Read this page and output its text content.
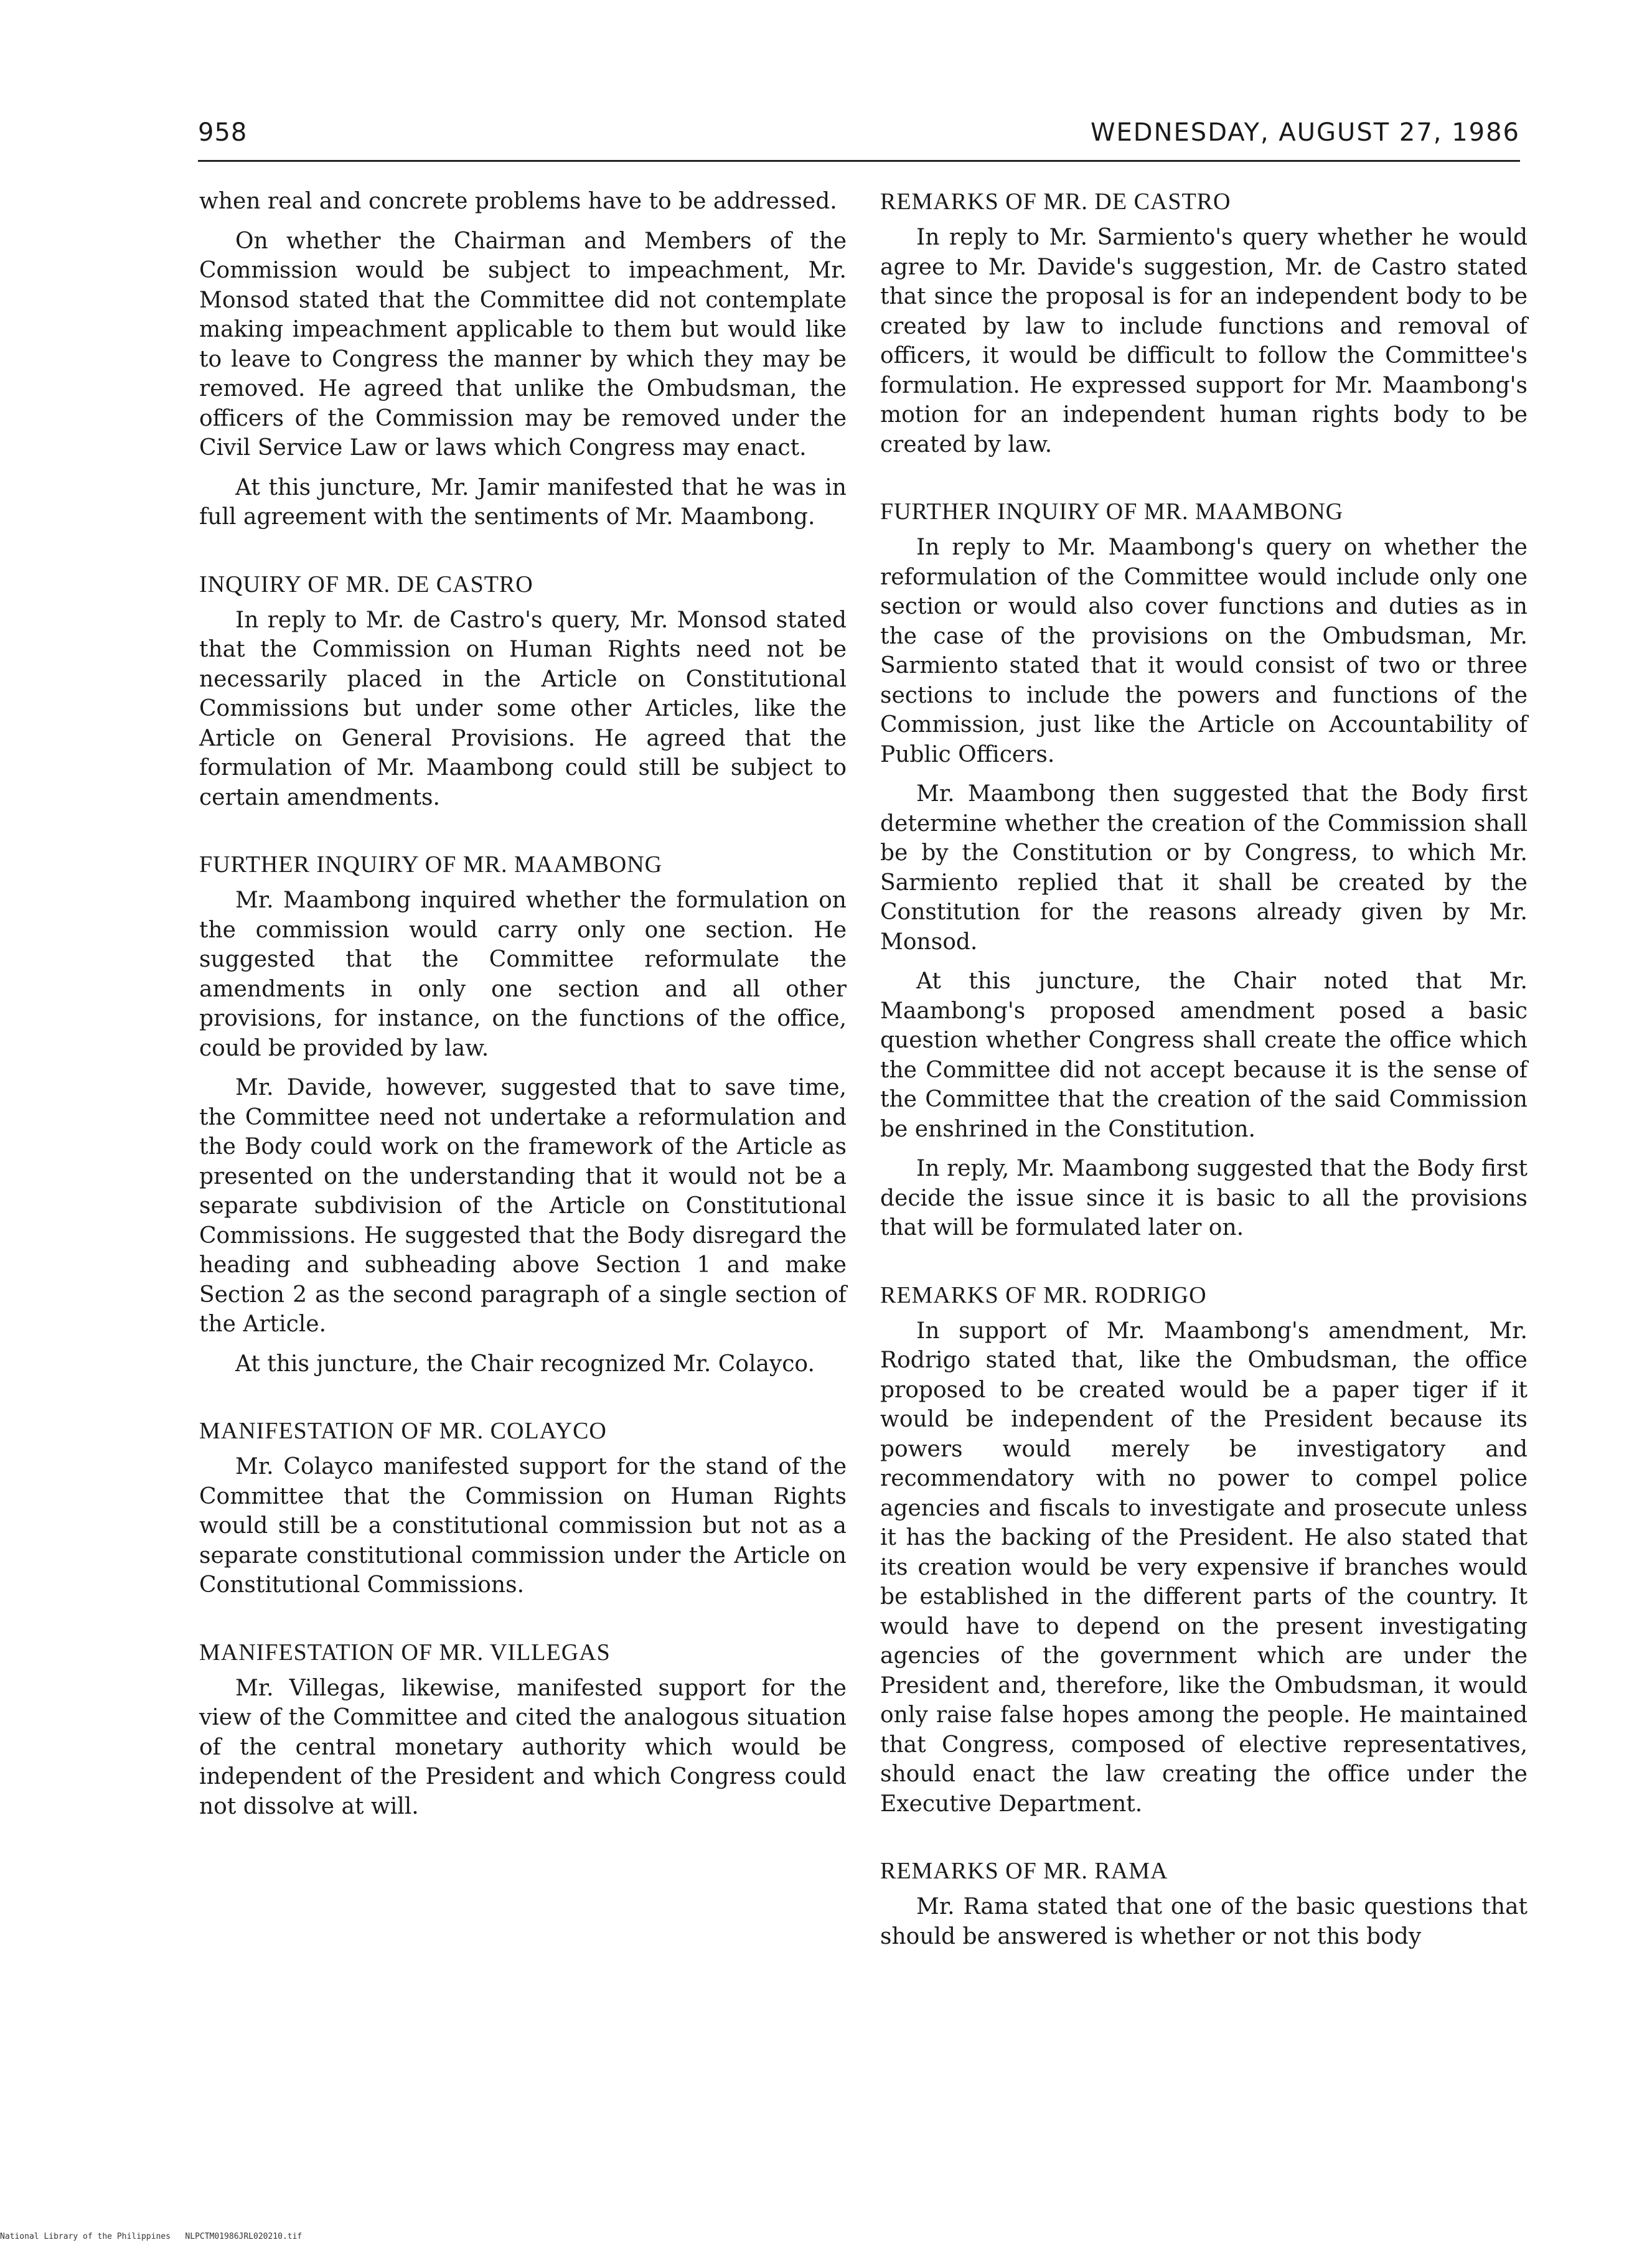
958	WEDNESDAY, AUGUST 27, 1986

when real and concrete problems have to be addressed.

On whether the Chairman and Members of the Commission would be subject to impeachment, Mr. Monsod stated that the Committee did not contemplate making impeachment applicable to them but would like to leave to Congress the manner by which they may be removed. He agreed that unlike the Ombudsman, the officers of the Commission may be removed under the Civil Service Law or laws which Congress may enact.

At this juncture, Mr. Jamir manifested that he was in full agreement with the sentiments of Mr. Maambong.

INQUIRY OF MR. DE CASTRO

In reply to Mr. de Castro's query, Mr. Monsod stated that the Commission on Human Rights need not be necessarily placed in the Article on Constitutional Commissions but under some other Articles, like the Article on General Provisions. He agreed that the formulation of Mr. Maambong could still be subject to certain amendments.

FURTHER INQUIRY OF MR. MAAMBONG

Mr. Maambong inquired whether the formulation on the commission would carry only one section. He suggested that the Committee reformulate the amendments in only one section and all other provisions, for instance, on the functions of the office, could be provided by law.

Mr. Davide, however, suggested that to save time, the Committee need not undertake a reformulation and the Body could work on the framework of the Article as presented on the understanding that it would not be a separate subdivision of the Article on Constitutional Commissions. He suggested that the Body disregard the heading and subheading above Section 1 and make Section 2 as the second paragraph of a single section of the Article.

At this juncture, the Chair recognized Mr. Colayco.

MANIFESTATION OF MR. COLAYCO

Mr. Colayco manifested support for the stand of the Committee that the Commission on Human Rights would still be a constitutional commission but not as a separate constitutional commission under the Article on Constitutional Commissions.

MANIFESTATION OF MR. VILLEGAS

Mr. Villegas, likewise, manifested support for the view of the Committee and cited the analogous situation of the central monetary authority which would be independent of the President and which Congress could not dissolve at will.

REMARKS OF MR. DE CASTRO

In reply to Mr. Sarmiento's query whether he would agree to Mr. Davide's suggestion, Mr. de Castro stated that since the proposal is for an independent body to be created by law to include functions and removal of officers, it would be difficult to follow the Committee's formulation. He expressed support for Mr. Maambong's motion for an independent human rights body to be created by law.

FURTHER INQUIRY OF MR. MAAMBONG

In reply to Mr. Maambong's query on whether the reformulation of the Committee would include only one section or would also cover functions and duties as in the case of the provisions on the Ombudsman, Mr. Sarmiento stated that it would consist of two or three sections to include the powers and functions of the Commission, just like the Article on Accountability of Public Officers.

Mr. Maambong then suggested that the Body first determine whether the creation of the Commission shall be by the Constitution or by Congress, to which Mr. Sarmiento replied that it shall be created by the Constitution for the reasons already given by Mr. Monsod.

At this juncture, the Chair noted that Mr. Maambong's proposed amendment posed a basic question whether Congress shall create the office which the Committee did not accept because it is the sense of the Committee that the creation of the said Commission be enshrined in the Constitution.

In reply, Mr. Maambong suggested that the Body first decide the issue since it is basic to all the provisions that will be formulated later on.

REMARKS OF MR. RODRIGO

In support of Mr. Maambong's amendment, Mr. Rodrigo stated that, like the Ombudsman, the office proposed to be created would be a paper tiger if it would be independent of the President because its powers would merely be investigatory and recommendatory with no power to compel police agencies and fiscals to investigate and prosecute unless it has the backing of the President. He also stated that its creation would be very expensive if branches would be established in the different parts of the country. It would have to depend on the present investigating agencies of the government which are under the President and, therefore, like the Ombudsman, it would only raise false hopes among the people. He maintained that Congress, composed of elective representatives, should enact the law creating the office under the Executive Department.

REMARKS OF MR. RAMA

Mr. Rama stated that one of the basic questions that should be answered is whether or not this body

National Library of the Philippines NLPCTM01986JRL020210.tif
